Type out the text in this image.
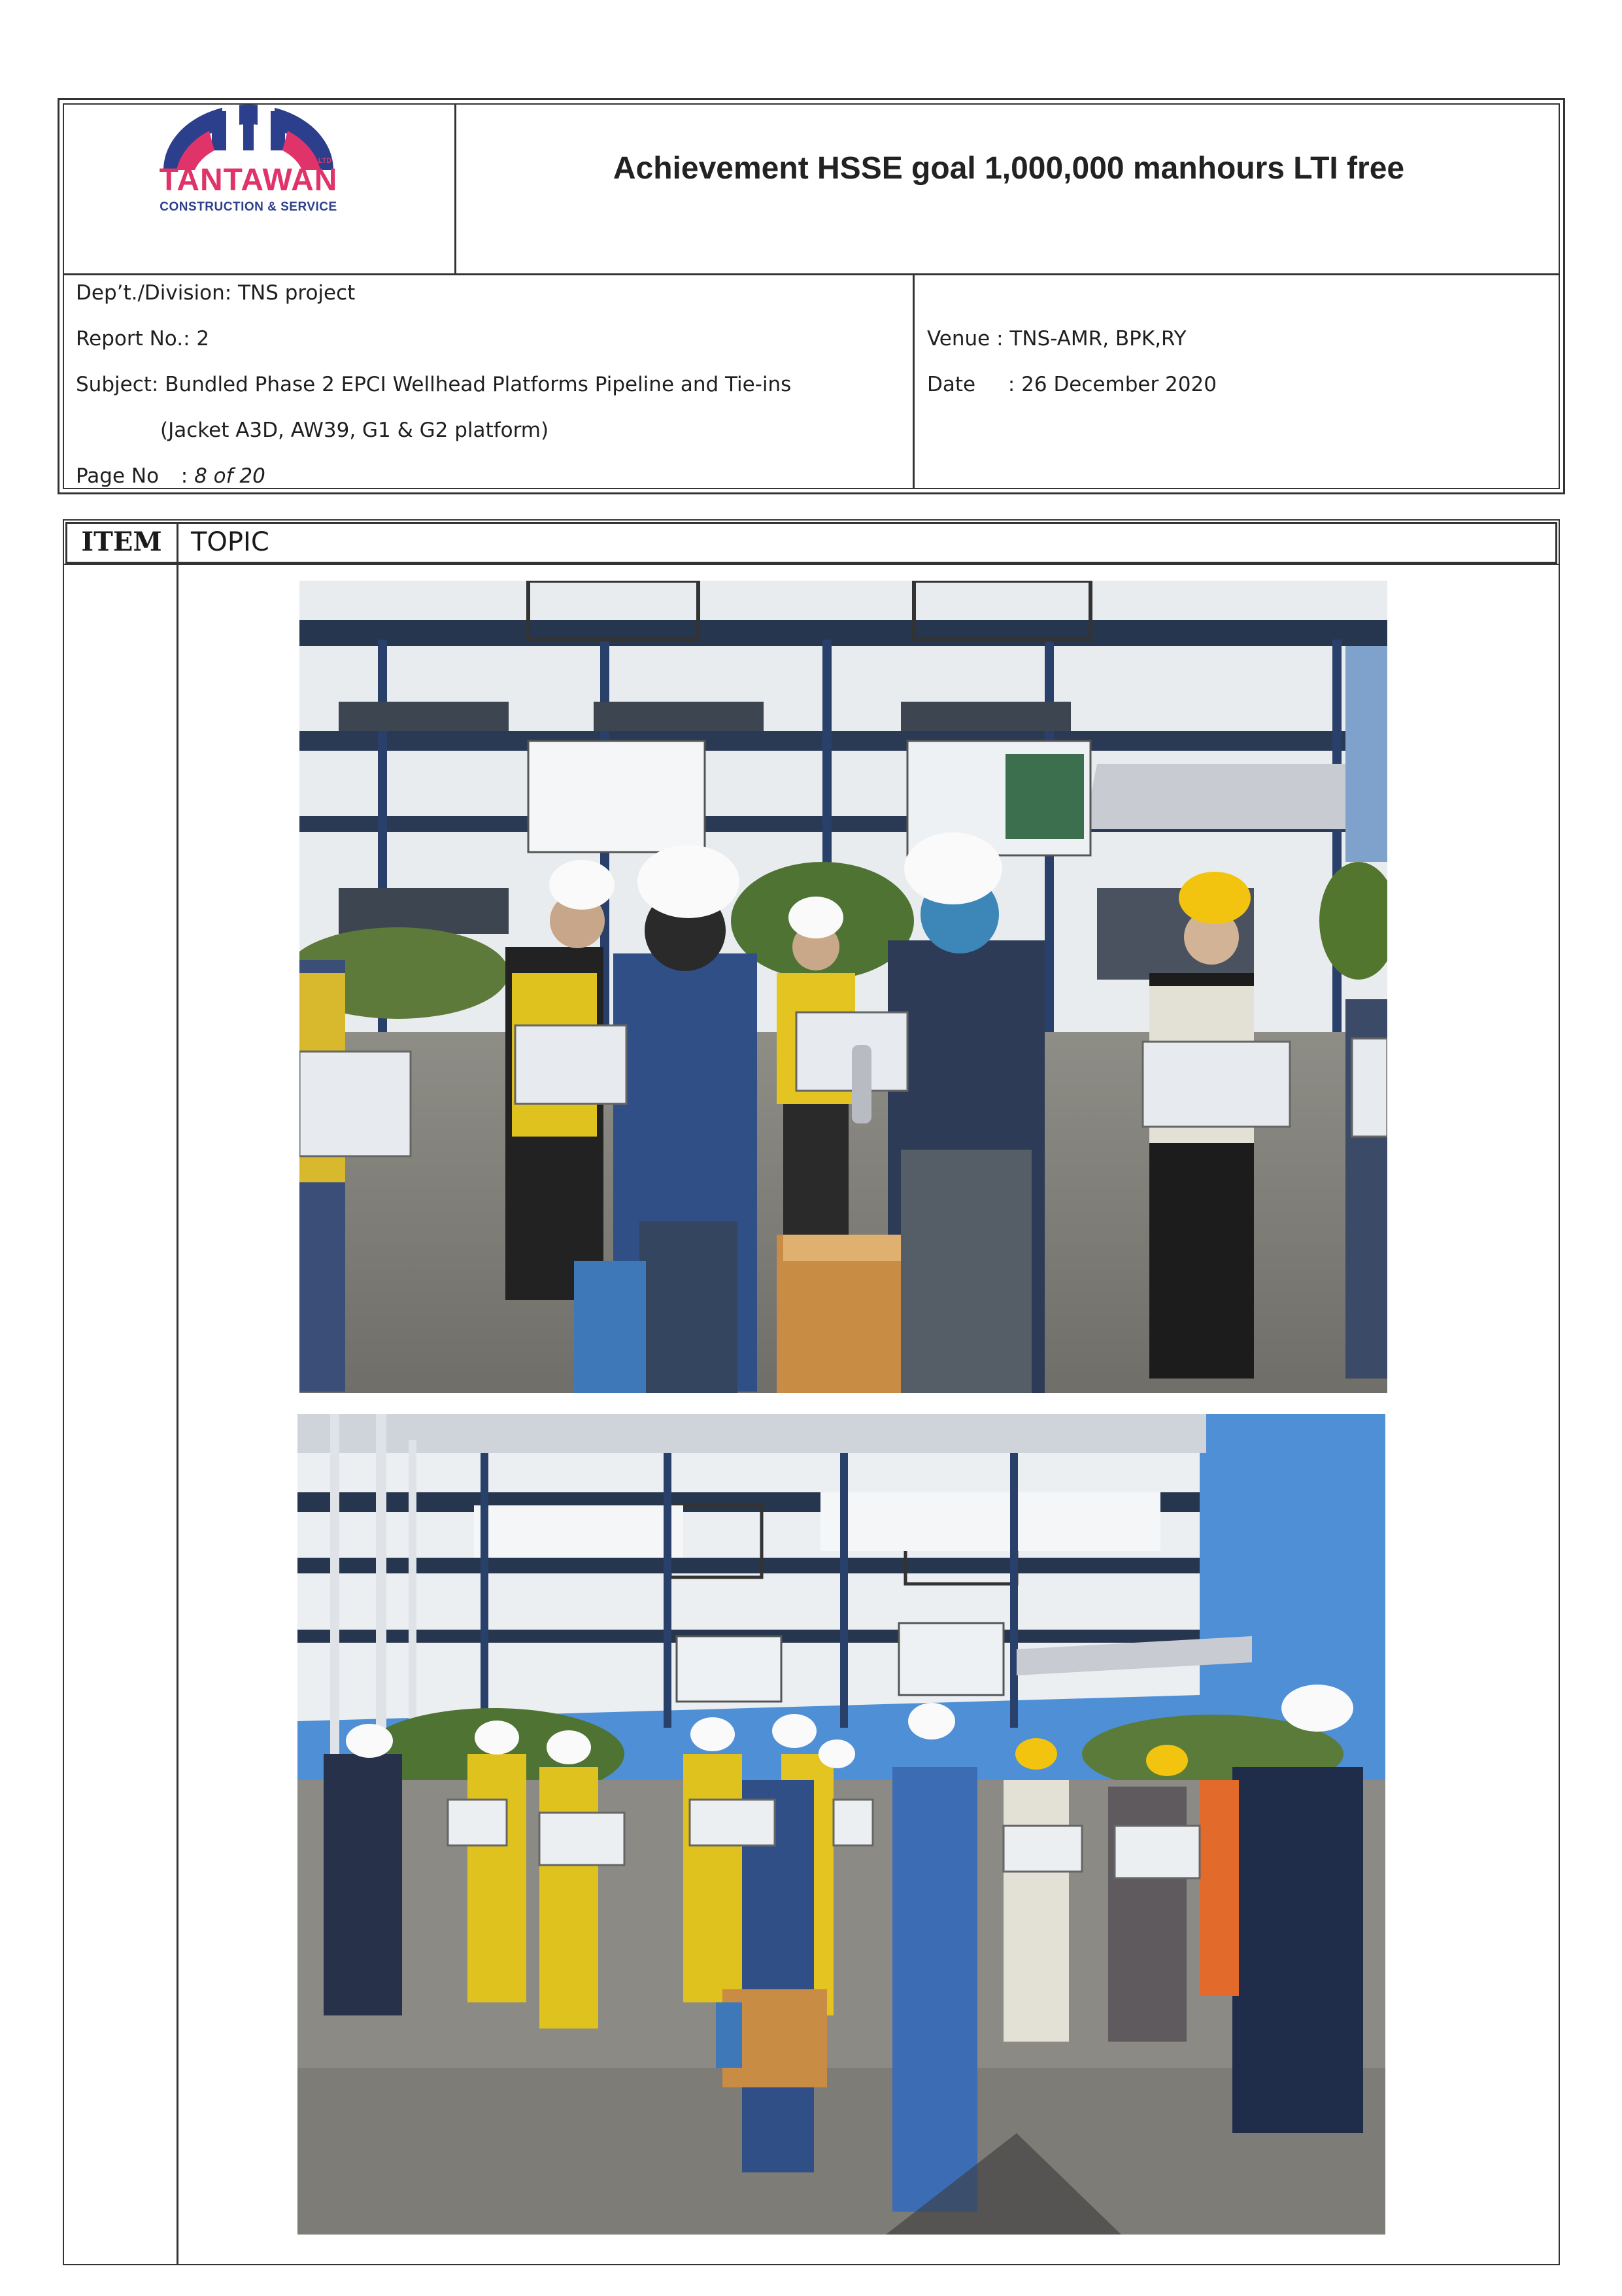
CO.,LTD
TANTAWAN
CONSTRUCTION & SERVICE
Achievement HSSE goal 1,000,000 manhours LTI free
Dep’t./Division: TNS project
Report No.: 2
Subject: Bundled Phase 2 EPCI Wellhead Platforms Pipeline and Tie-ins
(Jacket A3D, AW39, G1 & G2 platform)
Page No : 8 of 20
Venue : TNS-AMR, BPK,RY
Date : 26 December 2020
ITEM	TOPIC
